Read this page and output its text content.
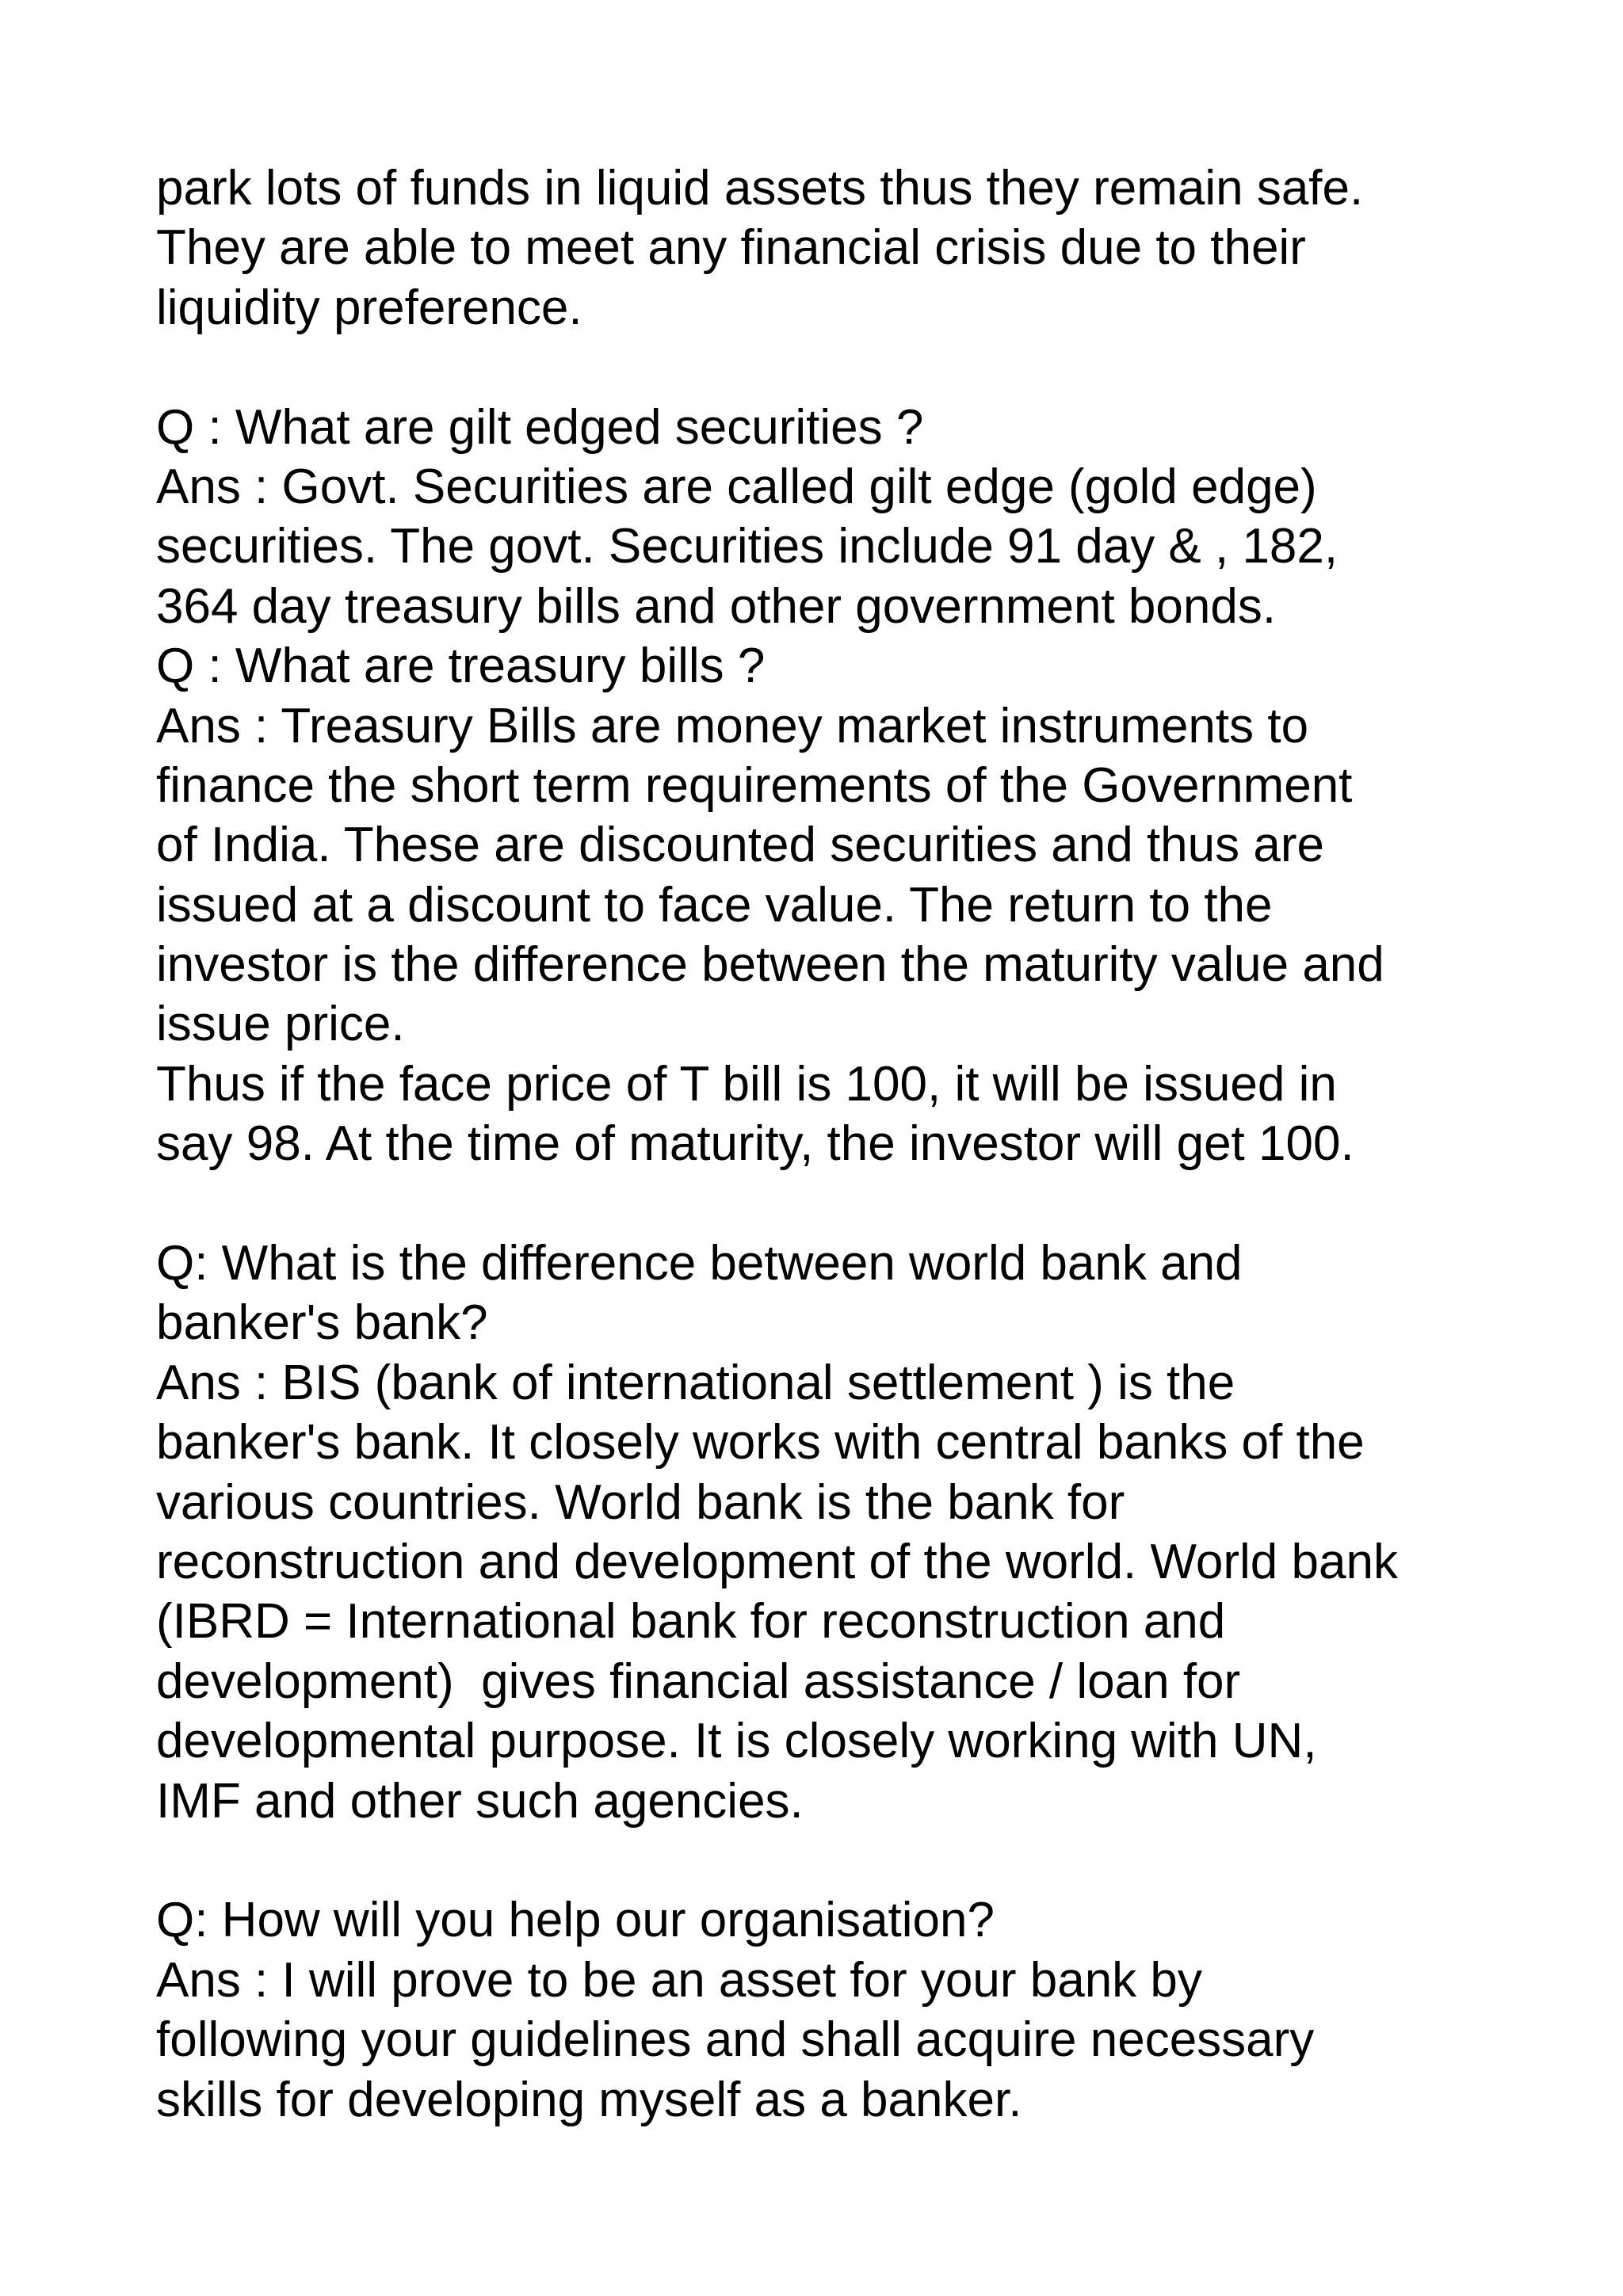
park lots of funds in liquid assets thus they remain safe.
They are able to meet any financial crisis due to their
liquidity preference.
Q : What are gilt edged securities ?
Ans : Govt. Securities are called gilt edge (gold edge)
securities. The govt. Securities include 91 day & , 182,
364 day treasury bills and other government bonds.
Q : What are treasury bills ?
Ans : Treasury Bills are money market instruments to
finance the short term requirements of the Government
of India. These are discounted securities and thus are
issued at a discount to face value. The return to the
investor is the difference between the maturity value and
issue price.
Thus if the face price of T bill is 100, it will be issued in
say 98. At the time of maturity, the investor will get 100.
Q: What is the difference between world bank and
banker's bank?
Ans : BIS (bank of international settlement ) is the
banker's bank. It closely works with central banks of the
various countries. World bank is the bank for
reconstruction and development of the world. World bank
(IBRD = International bank for reconstruction and
development)  gives financial assistance / loan for
developmental purpose. It is closely working with UN,
IMF and other such agencies.
Q: How will you help our organisation?
Ans : I will prove to be an asset for your bank by
following your guidelines and shall acquire necessary
skills for developing myself as a banker.
